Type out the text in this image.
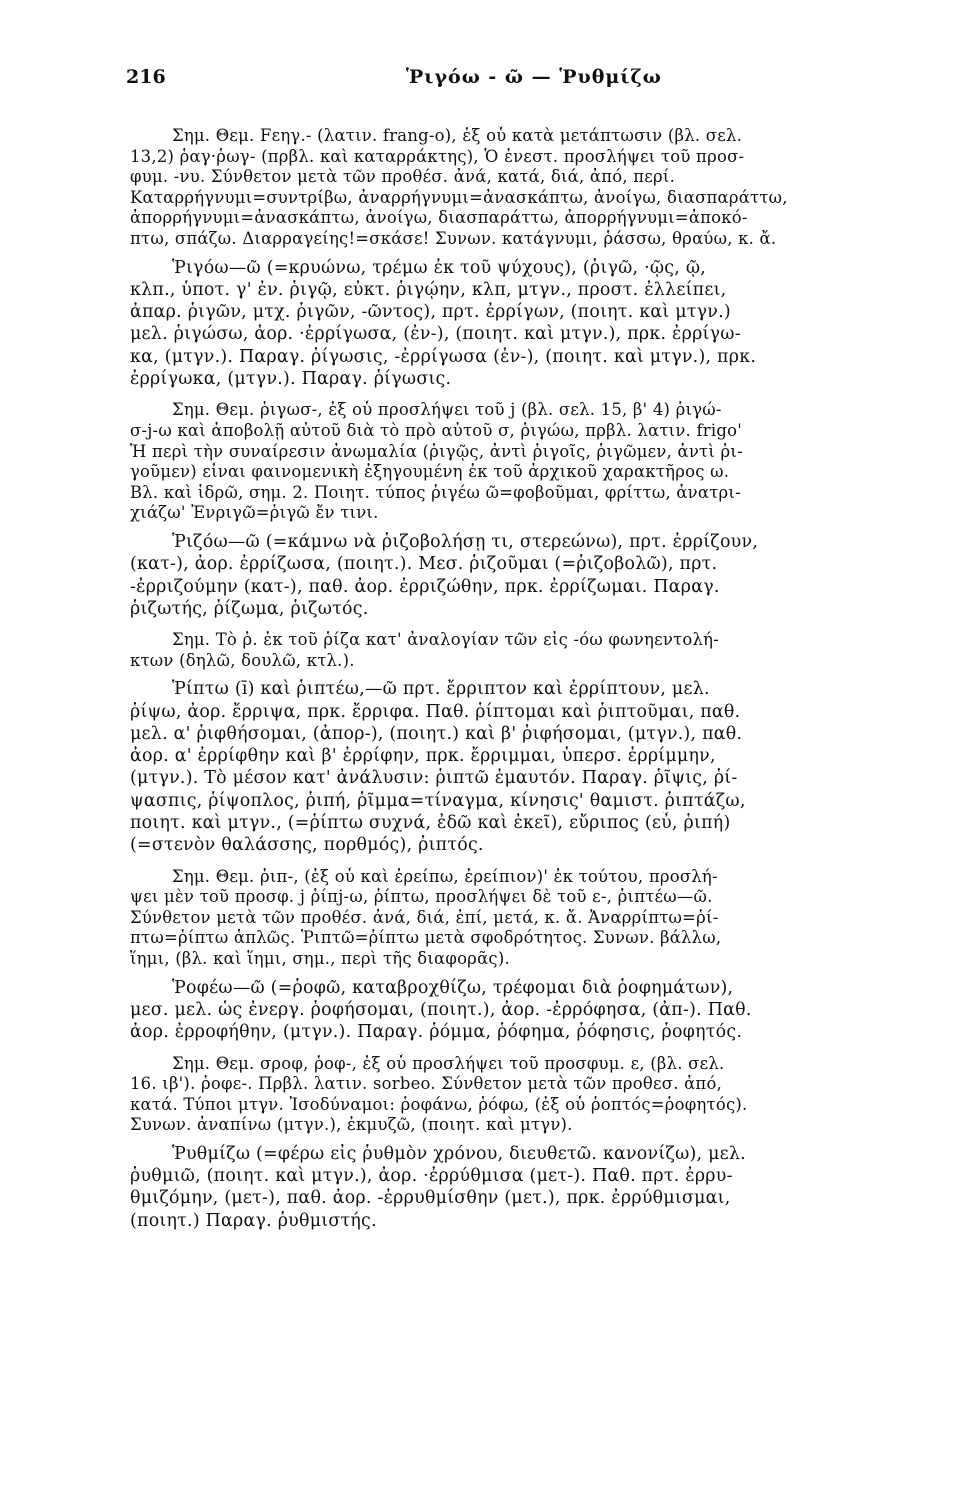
216	Ῥιγόω - ῶ — Ῥυθμίζω
Σημ. Θεμ. Fɛηγ.- (λατιν. frang-o), ἐξ οὗ κατὰ μετάπτωσιν (βλ. σελ.
13,2) ῥαγ·ῥωγ- (πρβλ. καὶ καταρράκτης), Ὁ ἐνεστ. προσλήψει τοῦ προσ-
φυμ. -νυ. Σύνθετον μετὰ τῶν προθέσ. ἀνά, κατά, διά, ἀπό, περί.
Καταρρήγνυμι=συντρίβω, ἀναρρήγνυμι=ἀνασκάπτω, ἀνοίγω, διασπαράττω,
ἀπορρήγνυμι=ἀνασκάπτω, ἀνοίγω, διασπαράττω, ἀπορρήγνυμι=ἀποκό-
πτω, σπάζω. Διαρραγείης!=σκάσε! Συνων. κατάγνυμι, ῥάσσω, θραύω, κ. ἄ.
Ῥιγόω—ῶ (=κρυώνω, τρέμω ἐκ τοῦ ψύχους), (ῥιγῶ, ·ῷς, ῷ,
κλπ., ὑποτ. γ' ἐν. ῥιγῷ, εὐκτ. ῥιγῴην, κλπ, μτγν., προστ. ἐλλείπει,
ἀπαρ. ῥιγῶν, μτχ. ῥιγῶν, -ῶντος), πρτ. ἐρρίγων, (ποιητ. καὶ μτγν.)
μελ. ῥιγώσω, ἀορ. ·ἐρρίγωσα, (ἐν-), (ποιητ. καὶ μτγν.), πρκ. ἐρρίγω-
κα, (μτγν.). Παραγ. ῥίγωσις, -ἐρρίγωσα (ἐν-), (ποιητ. καὶ μτγν.), πρκ.
ἐρρίγωκα, (μτγν.). Παραγ. ῥίγωσις.
Σημ. Θεμ. ῥιγωσ-, ἐξ οὗ προσλήψει τοῦ j (βλ. σελ. 15, β' 4) ῥιγώ-
σ-j-ω καὶ ἀποβολῇ αὐτοῦ διὰ τὸ πρὸ αὐτοῦ σ, ῥιγώω, πρβλ. λατιν. frigo'
Ἡ περὶ τὴν συναίρεσιν ἀνωμαλία (ῥιγῷς, ἀντὶ ῥιγοῖς, ῥιγῶμεν, ἀντὶ ῥι-
γοῦμεν) εἶναι φαινομενικὴ ἐξηγουμένη ἐκ τοῦ ἀρχικοῦ χαρακτῆρος ω.
Βλ. καὶ ἱδρῶ, σημ. 2. Ποιητ. τύπος ῥιγέω ῶ=φοβοῦμαι, φρίττω, ἀνατρι-
χιάζω' Ἐνριγῶ=ῥιγῶ ἔν τινι.
Ῥιζόω—ῶ (=κάμνω νὰ ῥιζοβολήσῃ τι, στερεώνω), πρτ. ἐρρίζουν,
(κατ-), ἀορ. ἐρρίζωσα, (ποιητ.). Μεσ. ῥιζοῦμαι (=ῥιζοβολῶ), πρτ.
-ἐρριζούμην (κατ-), παθ. ἀορ. ἐρριζώθην, πρκ. ἐρρίζωμαι. Παραγ.
ῥιζωτής, ῥίζωμα, ῥιζωτός.
Σημ. Τὸ ῥ. ἐκ τοῦ ῥίζα κατ' ἀναλογίαν τῶν εἰς -όω φωνηεντολή-
κτων (δηλῶ, δουλῶ, κτλ.).
Ῥίπτω (ī) καὶ ῥιπτέω,—ῶ πρτ. ἔρριπτον καὶ ἐρρίπτουν, μελ.
ῥίψω, ἀορ. ἔρριψα, πρκ. ἔρριφα. Παθ. ῥίπτομαι καὶ ῥιπτοῦμαι, παθ.
μελ. α' ῥιφθήσομαι, (ἀπορ-), (ποιητ.) καὶ β' ῥιφήσομαι, (μτγν.), παθ.
ἀορ. α' ἐρρίφθην καὶ β' ἐρρίφην, πρκ. ἔρριμμαι, ὑπερσ. ἐρρίμμην,
(μτγν.). Τὸ μέσον κατ' ἀνάλυσιν: ῥιπτῶ ἐμαυτόν. Παραγ. ῥῖψις, ῥί-
ψασπις, ῥίψοπλος, ῥιπή, ῥῖμμα=τίναγμα, κίνησις' θαμιστ. ῥιπτάζω,
ποιητ. καὶ μτγν., (=ῥίπτω συχνά, ἐδῶ καὶ ἐκεῖ), εὔριπος (εὖ, ῥιπή)
(=στενὸν θαλάσσης, πορθμός), ῥιπτός.
Σημ. Θεμ. ῥιπ-, (ἐξ οὗ καὶ ἐρείπω, ἐρείπιον)' ἐκ τούτου, προσλή-
ψει μὲν τοῦ προσφ. j ῥίπj-ω, ῥίπτω, προσλήψει δὲ τοῦ ε-, ῥιπτέω—ῶ.
Σύνθετον μετὰ τῶν προθέσ. ἀνά, διά, ἐπί, μετά, κ. ἄ. Ἀναρρίπτω=ῥί-
πτω=ῥίπτω ἁπλῶς. Ῥιπτῶ=ῥίπτω μετὰ σφοδρότητος. Συνων. βάλλω,
ἵημι, (βλ. καὶ ἵημι, σημ., περὶ τῆς διαφορᾶς).
Ῥοφέω—ῶ (=ῥοφῶ, καταβροχθίζω, τρέφομαι διὰ ῥοφημάτων),
μεσ. μελ. ὡς ἐνεργ. ῥοφήσομαι, (ποιητ.), ἀορ. -ἐρρόφησα, (ἀπ-). Παθ.
ἀορ. ἐρροφήθην, (μτγν.). Παραγ. ῥόμμα, ῥόφημα, ῥόφησις, ῥοφητός.
Σημ. Θεμ. σροφ, ῥοφ-, ἐξ οὗ προσλήψει τοῦ προσφυμ. ε, (βλ. σελ.
16. ιβ'). ῥοφε-. Πρβλ. λατιν. sorbeo. Σύνθετον μετὰ τῶν προθεσ. ἀπό,
κατά. Τύποι μτγν. Ἰσοδύναμοι: ῥοφάνω, ῥόφω, (ἐξ οὗ ῥοπτός=ῥοφητός).
Συνων. ἀναπίνω (μτγν.), ἐκμυζῶ, (ποιητ. καὶ μτγν).
Ῥυθμίζω (=φέρω εἰς ῥυθμὸν χρόνου, διευθετῶ. κανονίζω), μελ.
ῥυθμιῶ, (ποιητ. καὶ μτγν.), ἀορ. ·ἐρρύθμισα (μετ-). Παθ. πρτ. ἐρρυ-
θμιζόμην, (μετ-), παθ. ἀορ. -ἐρρυθμίσθην (μετ.), πρκ. ἐρρύθμισμαι,
(ποιητ.) Παραγ. ῥυθμιστής.
